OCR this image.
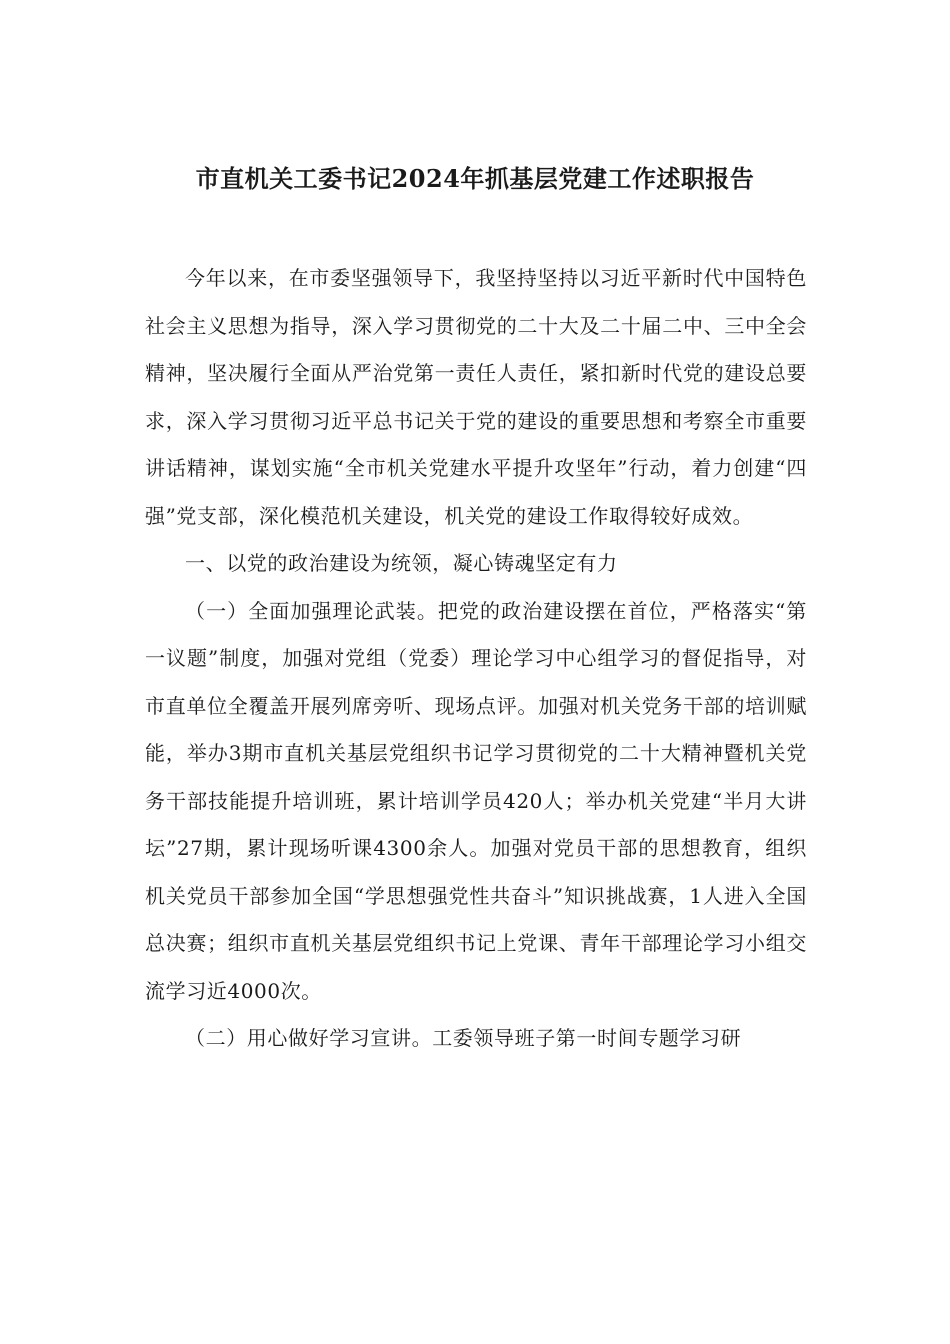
市直机关工委书记2024年抓基层党建工作述职报告

今年以来，在市委坚强领导下，我坚持坚持以习近平新时代中国特色社会主义思想为指导，深入学习贯彻党的二十大及二十届二中、三中全会精神，坚决履行全面从严治党第一责任人责任，紧扣新时代党的建设总要求，深入学习贯彻习近平总书记关于党的建设的重要思想和考察全市重要讲话精神，谋划实施“全市机关党建水平提升攻坚年”行动，着力创建“四强”党支部，深化模范机关建设，机关党的建设工作取得较好成效。

一、以党的政治建设为统领，凝心铸魂坚定有力

（一）全面加强理论武装。把党的政治建设摆在首位，严格落实“第一议题”制度，加强对党组（党委）理论学习中心组学习的督促指导，对市直单位全覆盖开展列席旁听、现场点评。加强对机关党务干部的培训赋能，举办3期市直机关基层党组织书记学习贯彻党的二十大精神暨机关党务干部技能提升培训班，累计培训学员420人；举办机关党建“半月大讲坛”27期，累计现场听课4300余人。加强对党员干部的思想教育，组织机关党员干部参加全国“学思想强党性共奋斗”知识挑战赛，1人进入全国总决赛；组织市直机关基层党组织书记上党课、青年干部理论学习小组交流学习近4000次。

（二）用心做好学习宣讲。工委领导班子第一时间专题学习研
